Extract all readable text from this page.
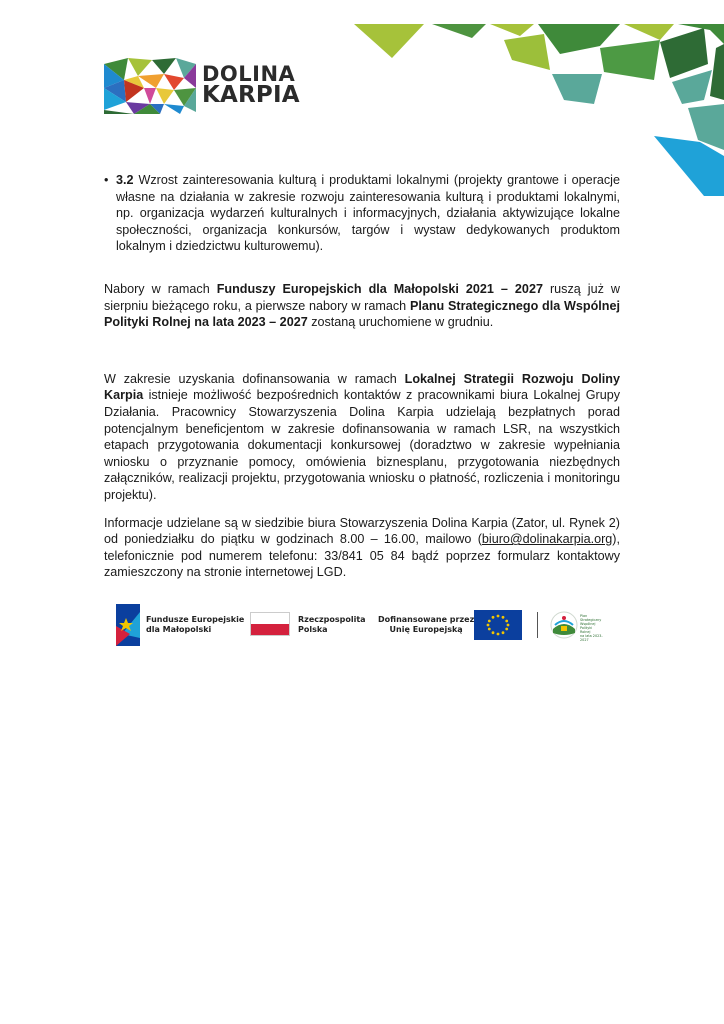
DOLINA
KARPIA

• 3.2 Wzrost zainteresowania kulturą i produktami lokalnymi (projekty grantowe i operacje własne na działania w zakresie rozwoju zainteresowania kulturą i produktami lokalnymi, np. organizacja wydarzeń kulturalnych i informacyjnych, działania aktywizujące lokalne społeczności, organizacja konkursów, targów i wystaw dedykowanych produktom lokalnym i dziedzictwu kulturowemu).

Nabory w ramach Funduszy Europejskich dla Małopolski 2021 – 2027 ruszą już w sierpniu bieżącego roku, a pierwsze nabory w ramach Planu Strategicznego dla Wspólnej Polityki Rolnej na lata 2023 – 2027 zostaną uruchomiene w grudniu.

W zakresie uzyskania dofinansowania w ramach Lokalnej Strategii Rozwoju Doliny Karpia istnieje możliwość bezpośrednich kontaktów z pracownikami biura Lokalnej Grupy Działania. Pracownicy Stowarzyszenia Dolina Karpia udzielają bezpłatnych porad potencjalnym beneficjentom w zakresie dofinansowania w ramach LSR, na wszystkich etapach przygotowania dokumentacji konkursowej (doradztwo w zakresie wypełniania wniosku o przyznanie pomocy, omówienia biznesplanu, przygotowania niezbędnych załączników, realizacji projektu, przygotowania wniosku o płatność, rozliczenia i monitoringu projektu).

Informacje udzielane są w siedzibie biura Stowarzyszenia Dolina Karpia (Zator, ul. Rynek 2) od poniedziałku do piątku w godzinach 8.00 – 16.00, mailowo (biuro@dolinakarpia.org), telefonicznie pod numerem telefonu: 33/841 05 84 bądź poprzez formularz kontaktowy zamieszczony na stronie internetowej LGD.

Fundusze Europejskie
dla Małopolski
Rzeczpospolita
Polska
Dofinansowane przez
Unię Europejską
Plan
Strategiczny
Wspólnej
Polityki
Rolnej
na lata 2023-2027
